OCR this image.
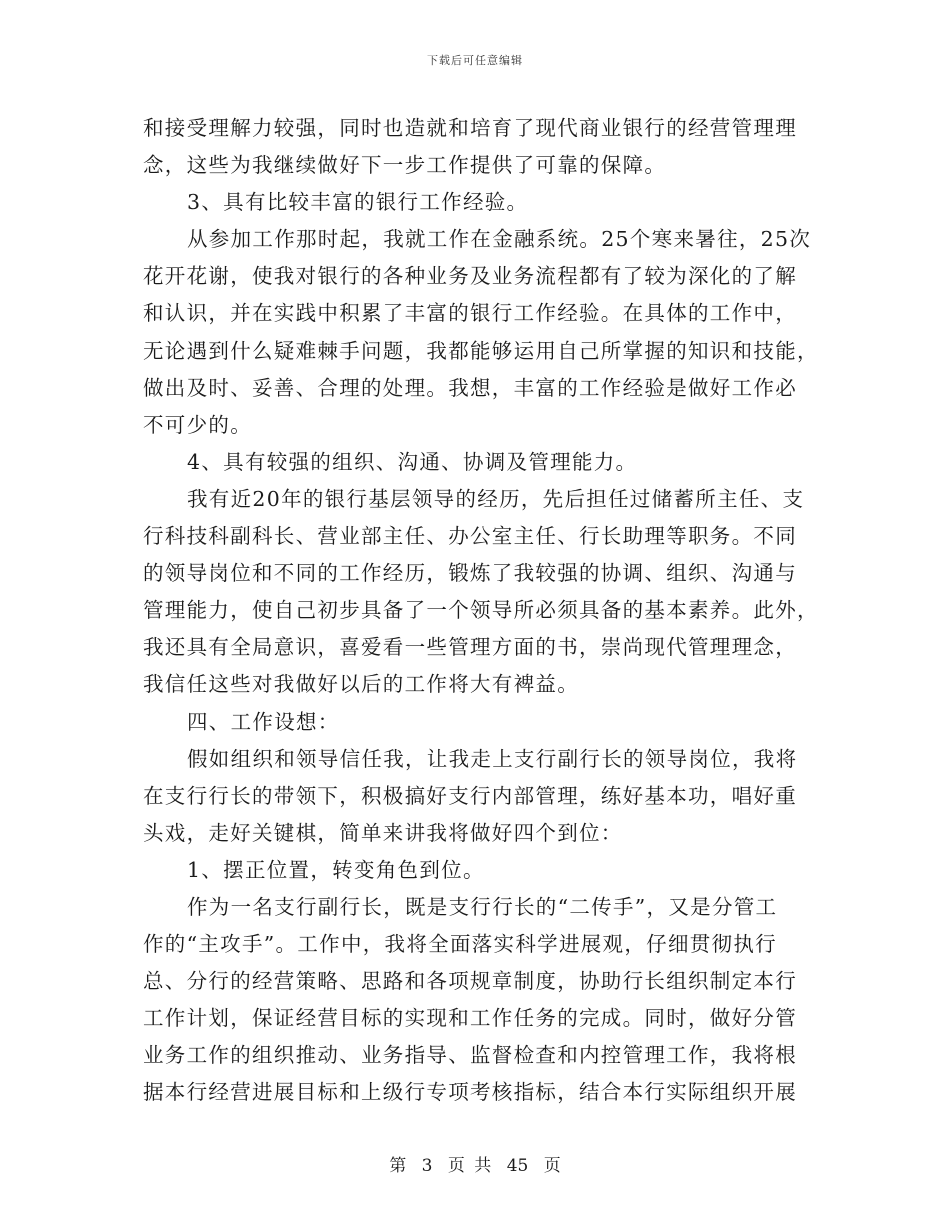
下载后可任意编辑
和接受理解力较强，同时也造就和培育了现代商业银行的经营管理理
念，这些为我继续做好下一步工作提供了可靠的保障。
3、具有比较丰富的银行工作经验。
从参加工作那时起，我就工作在金融系统。25个寒来暑往，25次
花开花谢，使我对银行的各种业务及业务流程都有了较为深化的了解
和认识，并在实践中积累了丰富的银行工作经验。在具体的工作中，
无论遇到什么疑难棘手问题，我都能够运用自己所掌握的知识和技能，
做出及时、妥善、合理的处理。我想，丰富的工作经验是做好工作必
不可少的。
4、具有较强的组织、沟通、协调及管理能力。
我有近20年的银行基层领导的经历，先后担任过储蓄所主任、支
行科技科副科长、营业部主任、办公室主任、行长助理等职务。不同
的领导岗位和不同的工作经历，锻炼了我较强的协调、组织、沟通与
管理能力，使自己初步具备了一个领导所必须具备的基本素养。此外，
我还具有全局意识，喜爱看一些管理方面的书，崇尚现代管理理念，
我信任这些对我做好以后的工作将大有裨益。
四、工作设想：
假如组织和领导信任我，让我走上支行副行长的领导岗位，我将
在支行行长的带领下，积极搞好支行内部管理，练好基本功，唱好重
头戏，走好关键棋，简单来讲我将做好四个到位：
1、摆正位置，转变角色到位。
作为一名支行副行长，既是支行行长的“二传手”，又是分管工
作的“主攻手”。工作中，我将全面落实科学进展观，仔细贯彻执行
总、分行的经营策略、思路和各项规章制度，协助行长组织制定本行
工作计划，保证经营目标的实现和工作任务的完成。同时，做好分管
业务工作的组织推动、业务指导、监督检查和内控管理工作，我将根
据本行经营进展目标和上级行专项考核指标，结合本行实际组织开展
第 3 页 共 45 页
